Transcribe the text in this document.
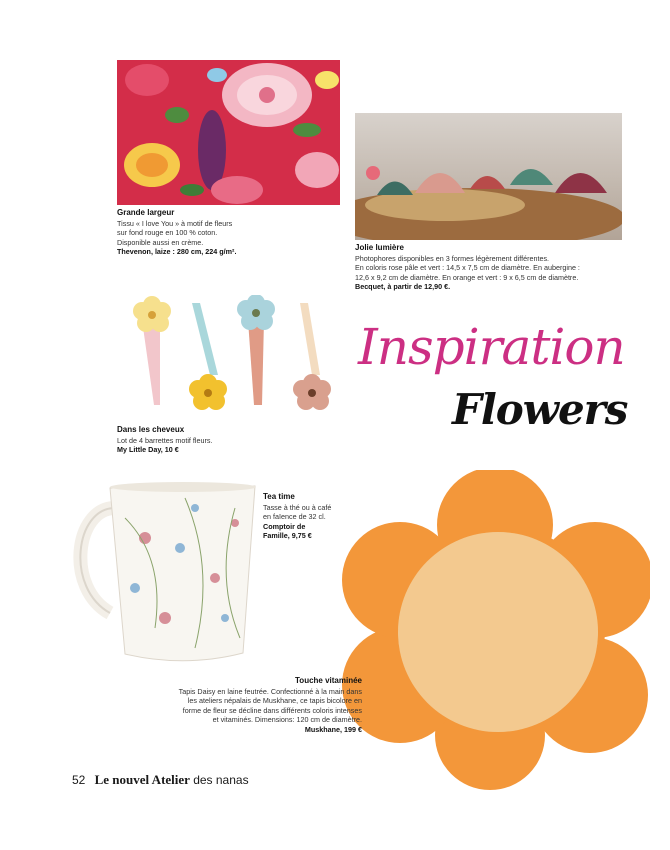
Grande largeur
Tissu « I love You » à motif de fleurs
sur fond rouge en 100 % coton.
Disponible aussi en crème.
Thevenon, laize : 280 cm, 224 g/m².	Jolie lumière
Photophores disponibles en 3 formes légèrement différentes.
En coloris rose pâle et vert : 14,5 x 7,5 cm de diamètre. En aubergine :
12,6 x 9,2 cm de diamètre. En orange et vert : 9 x 6,5 cm de diamètre.
Becquet, à partir de 12,90 €.
Dans les cheveux
Lot de 4 barrettes motif fleurs.
My Little Day, 10 €
Inspiration
Flowers
Tea time
Tasse à thé ou à café
en faïence de 32 cl.
Comptoir de
Famille, 9,75 €
Touche vitaminée
Tapis Daisy en laine feutrée. Confectionné à la main dans
les ateliers népalais de Muskhane, ce tapis bicolore en
forme de fleur se décline dans différents coloris intenses
et vitaminés. Dimensions: 120 cm de diamètre.
Muskhane, 199 €
52 Le nouvel Atelier des nanas
